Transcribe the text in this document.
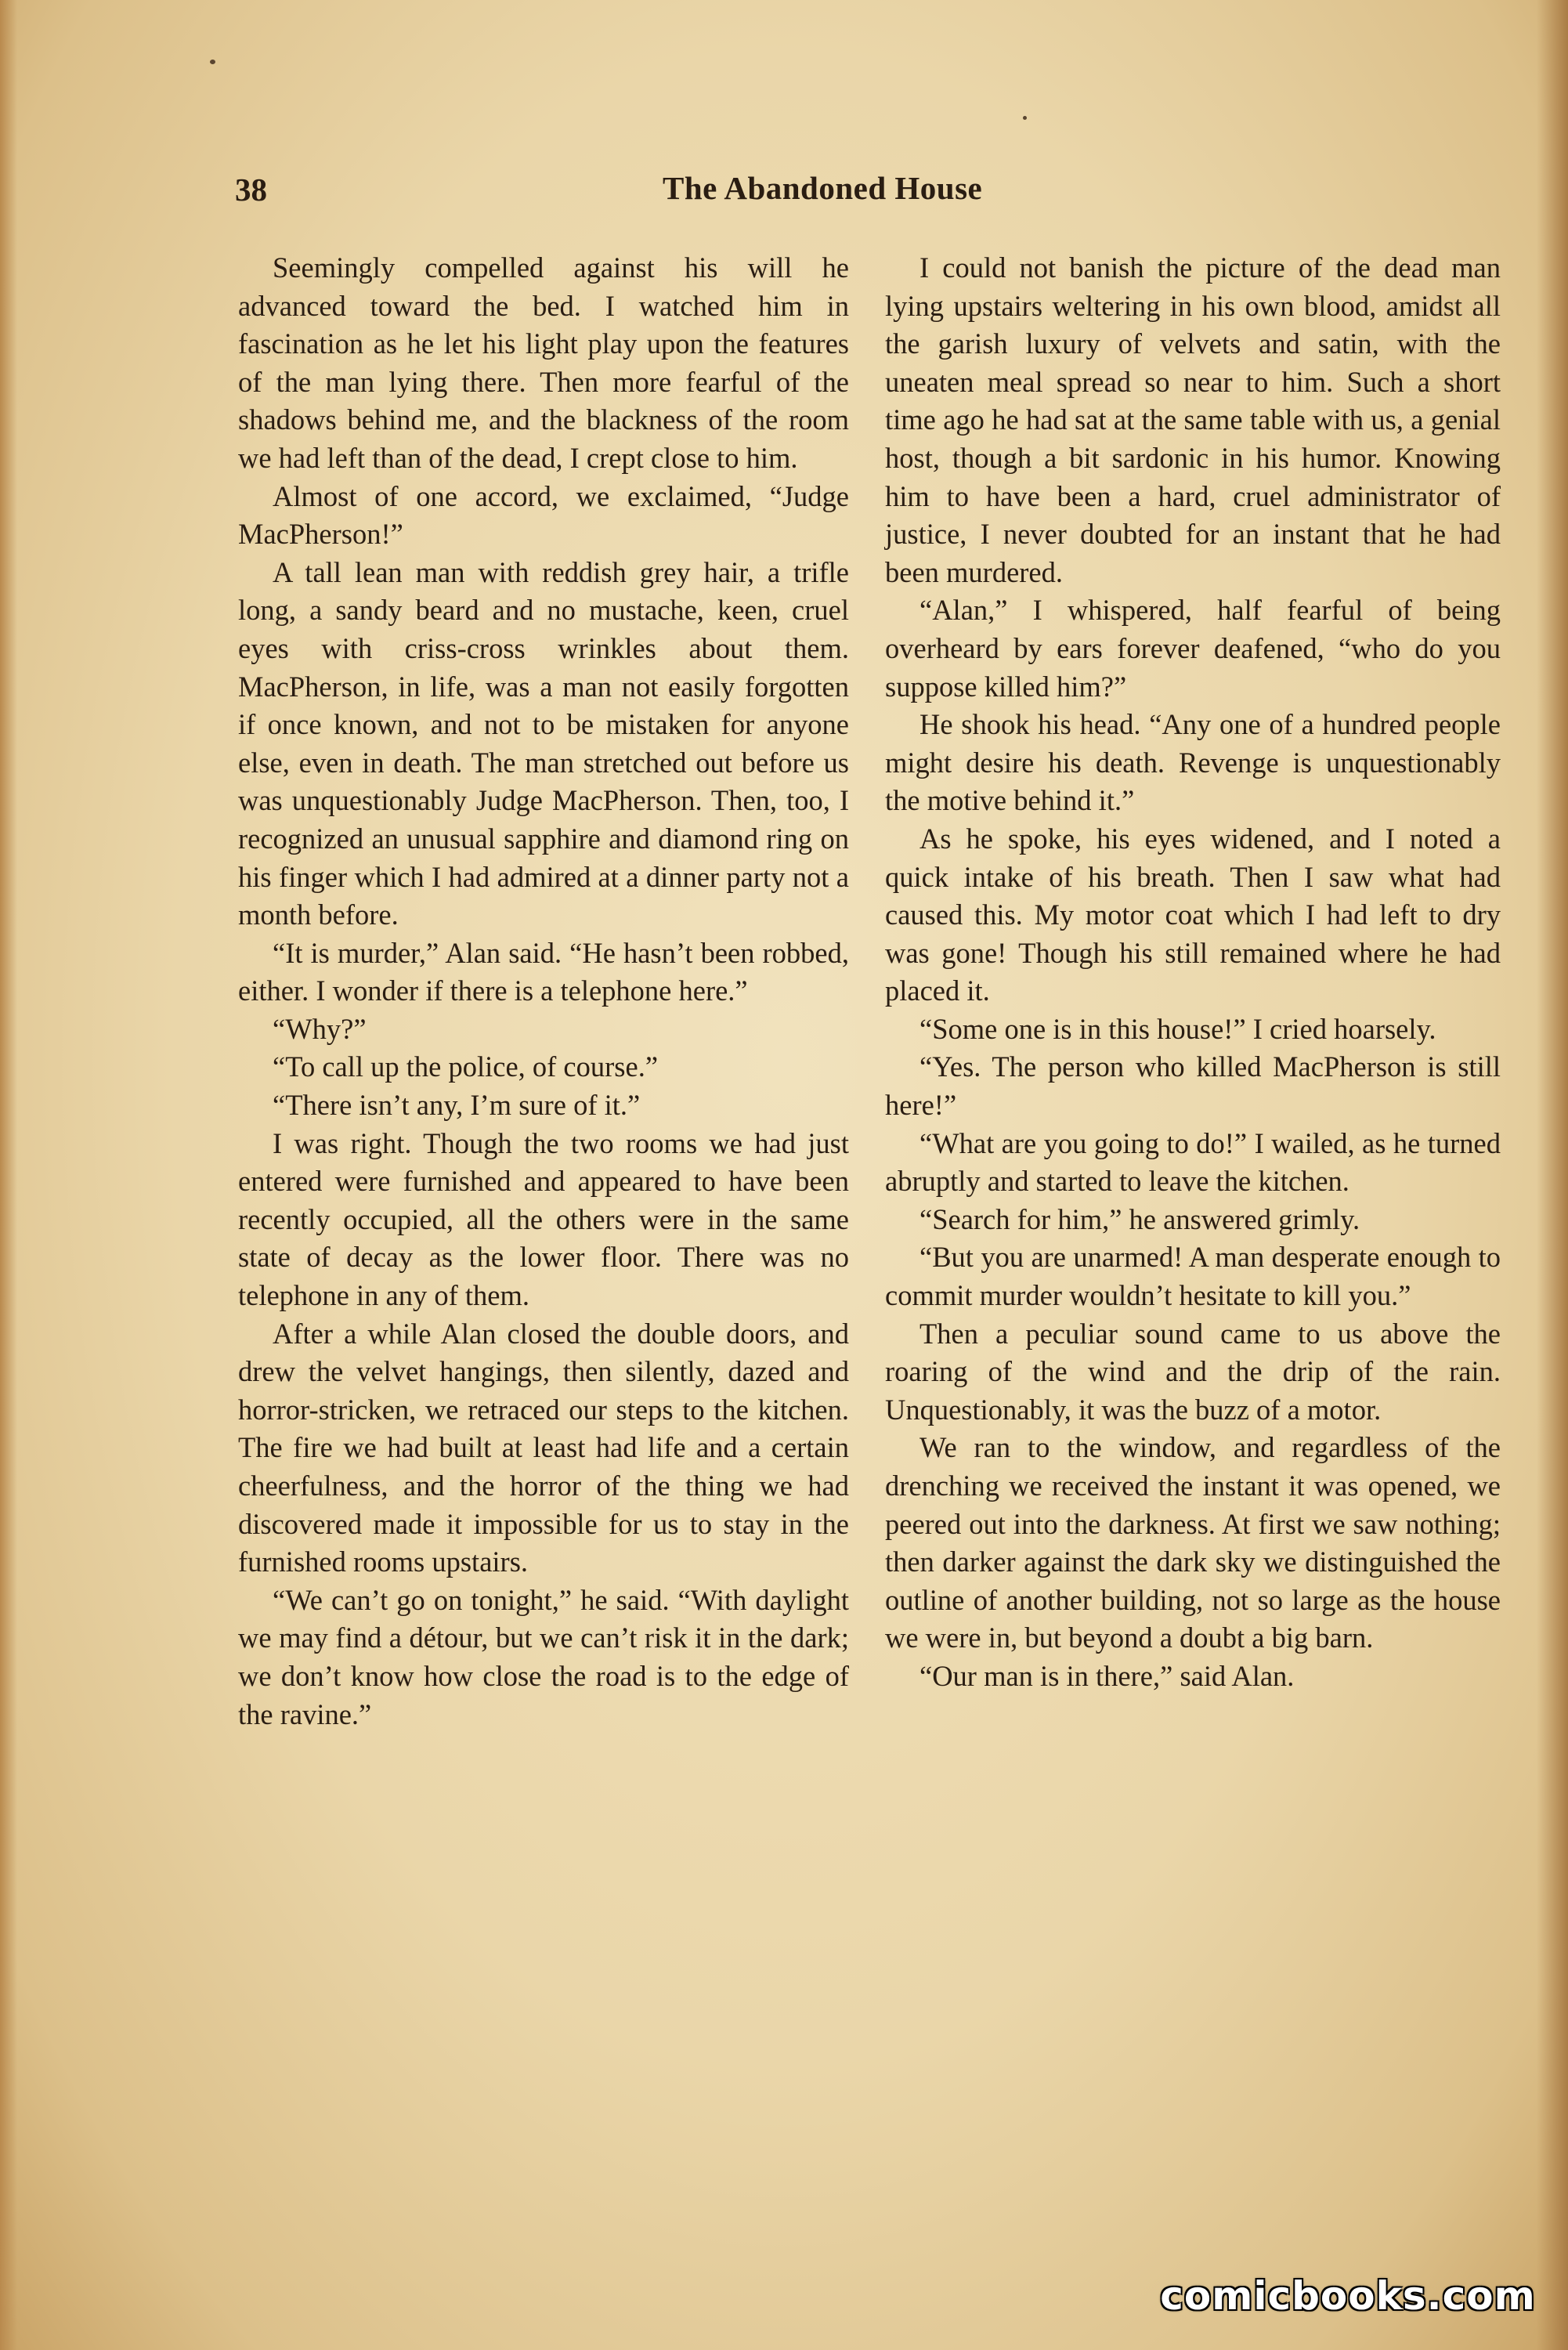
38	The Abandoned House

Seemingly compelled against his will he advanced toward the bed. I watched him in fascination as he let his light play upon the features of the man lying there. Then more fearful of the shadows behind me, and the blackness of the room we had left than of the dead, I crept close to him.

Almost of one accord, we exclaimed, “Judge MacPherson!”

A tall lean man with reddish grey hair, a trifle long, a sandy beard and no mustache, keen, cruel eyes with criss-cross wrinkles about them. MacPherson, in life, was a man not easily forgotten if once known, and not to be mistaken for anyone else, even in death. The man stretched out before us was unquestionably Judge MacPherson. Then, too, I recognized an unusual sapphire and diamond ring on his finger which I had admired at a dinner party not a month before.

“It is murder,” Alan said. “He hasn’t been robbed, either. I wonder if there is a telephone here.”

“Why?”

“To call up the police, of course.”

“There isn’t any, I’m sure of it.”

I was right. Though the two rooms we had just entered were furnished and appeared to have been recently occupied, all the others were in the same state of decay as the lower floor. There was no telephone in any of them.

After a while Alan closed the double doors, and drew the velvet hangings, then silently, dazed and horror-stricken, we retraced our steps to the kitchen. The fire we had built at least had life and a certain cheerfulness, and the horror of the thing we had discovered made it impossible for us to stay in the furnished rooms upstairs.

“We can’t go on tonight,” he said. “With daylight we may find a détour, but we can’t risk it in the dark; we don’t know how close the road is to the edge of the ravine.”

I could not banish the picture of the dead man lying upstairs weltering in his own blood, amidst all the garish luxury of velvets and satin, with the uneaten meal spread so near to him. Such a short time ago he had sat at the same table with us, a genial host, though a bit sardonic in his humor. Knowing him to have been a hard, cruel administrator of justice, I never doubted for an instant that he had been murdered.

“Alan,” I whispered, half fearful of being overheard by ears forever deafened, “who do you suppose killed him?”

He shook his head. “Any one of a hundred people might desire his death. Revenge is unquestionably the motive behind it.”

As he spoke, his eyes widened, and I noted a quick intake of his breath. Then I saw what had caused this. My motor coat which I had left to dry was gone! Though his still remained where he had placed it.

“Some one is in this house!” I cried hoarsely.

“Yes. The person who killed MacPherson is still here!”

“What are you going to do!” I wailed, as he turned abruptly and started to leave the kitchen.

“Search for him,” he answered grimly.

“But you are unarmed! A man desperate enough to commit murder wouldn’t hesitate to kill you.”

Then a peculiar sound came to us above the roaring of the wind and the drip of the rain. Unquestionably, it was the buzz of a motor.

We ran to the window, and regardless of the drenching we received the instant it was opened, we peered out into the darkness. At first we saw nothing; then darker against the dark sky we distinguished the outline of another building, not so large as the house we were in, but beyond a doubt a big barn.

“Our man is in there,” said Alan.

comicbooks.com
